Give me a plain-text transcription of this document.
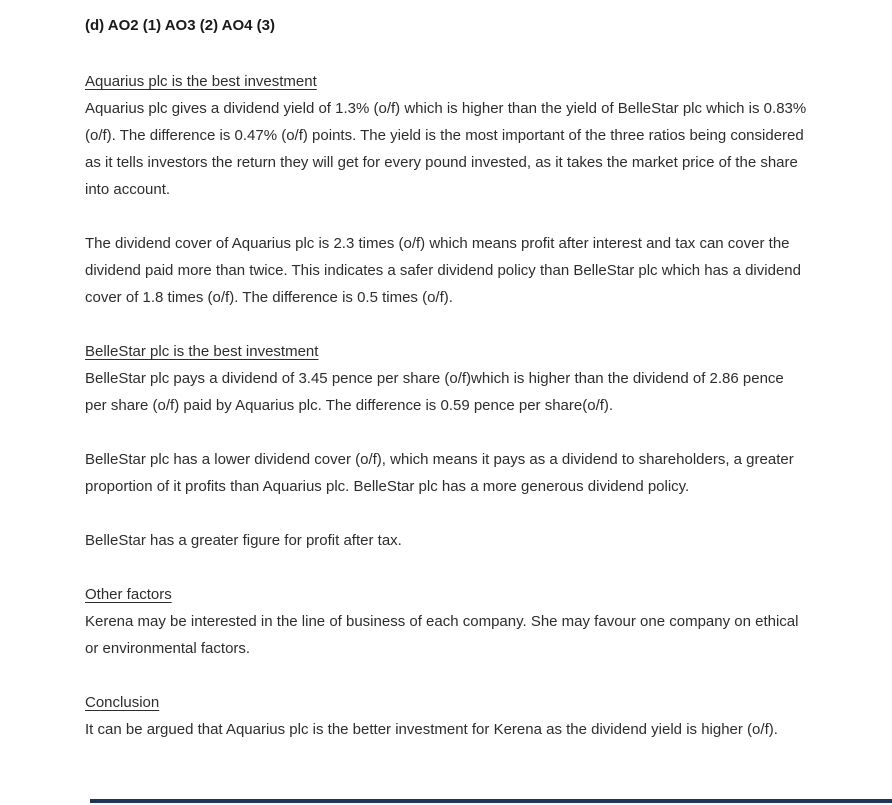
(d) AO2 (1) AO3 (2) AO4 (3)
Aquarius plc is the best investment

Aquarius plc gives a dividend yield of 1.3% (o/f) which is higher than the yield of BelleStar plc which is 0.83% (o/f). The difference is 0.47% (o/f) points. The yield is the most important of the three ratios being considered as it tells investors the return they will get for every pound invested, as it takes the market price of the share into account.

The dividend cover of Aquarius plc is 2.3 times (o/f) which means profit after interest and tax can cover the dividend paid more than twice. This indicates a safer dividend policy than BelleStar plc which has a dividend cover of 1.8 times (o/f). The difference is 0.5 times (o/f).

BelleStar plc is the best investment

BelleStar plc pays a dividend of 3.45 pence per share (o/f)which is higher than the dividend of 2.86 pence per share (o/f) paid by Aquarius plc. The difference is 0.59 pence per share(o/f).

BelleStar plc has a lower dividend cover (o/f), which means it pays as a dividend to shareholders, a greater proportion of it profits than Aquarius plc. BelleStar plc has a more generous dividend policy.

BelleStar has a greater figure for profit after tax.

Other factors

Kerena may be interested in the line of business of each company. She may favour one company on ethical or environmental factors.

Conclusion

It can be argued that Aquarius plc is the better investment for Kerena as the dividend yield is higher (o/f).
